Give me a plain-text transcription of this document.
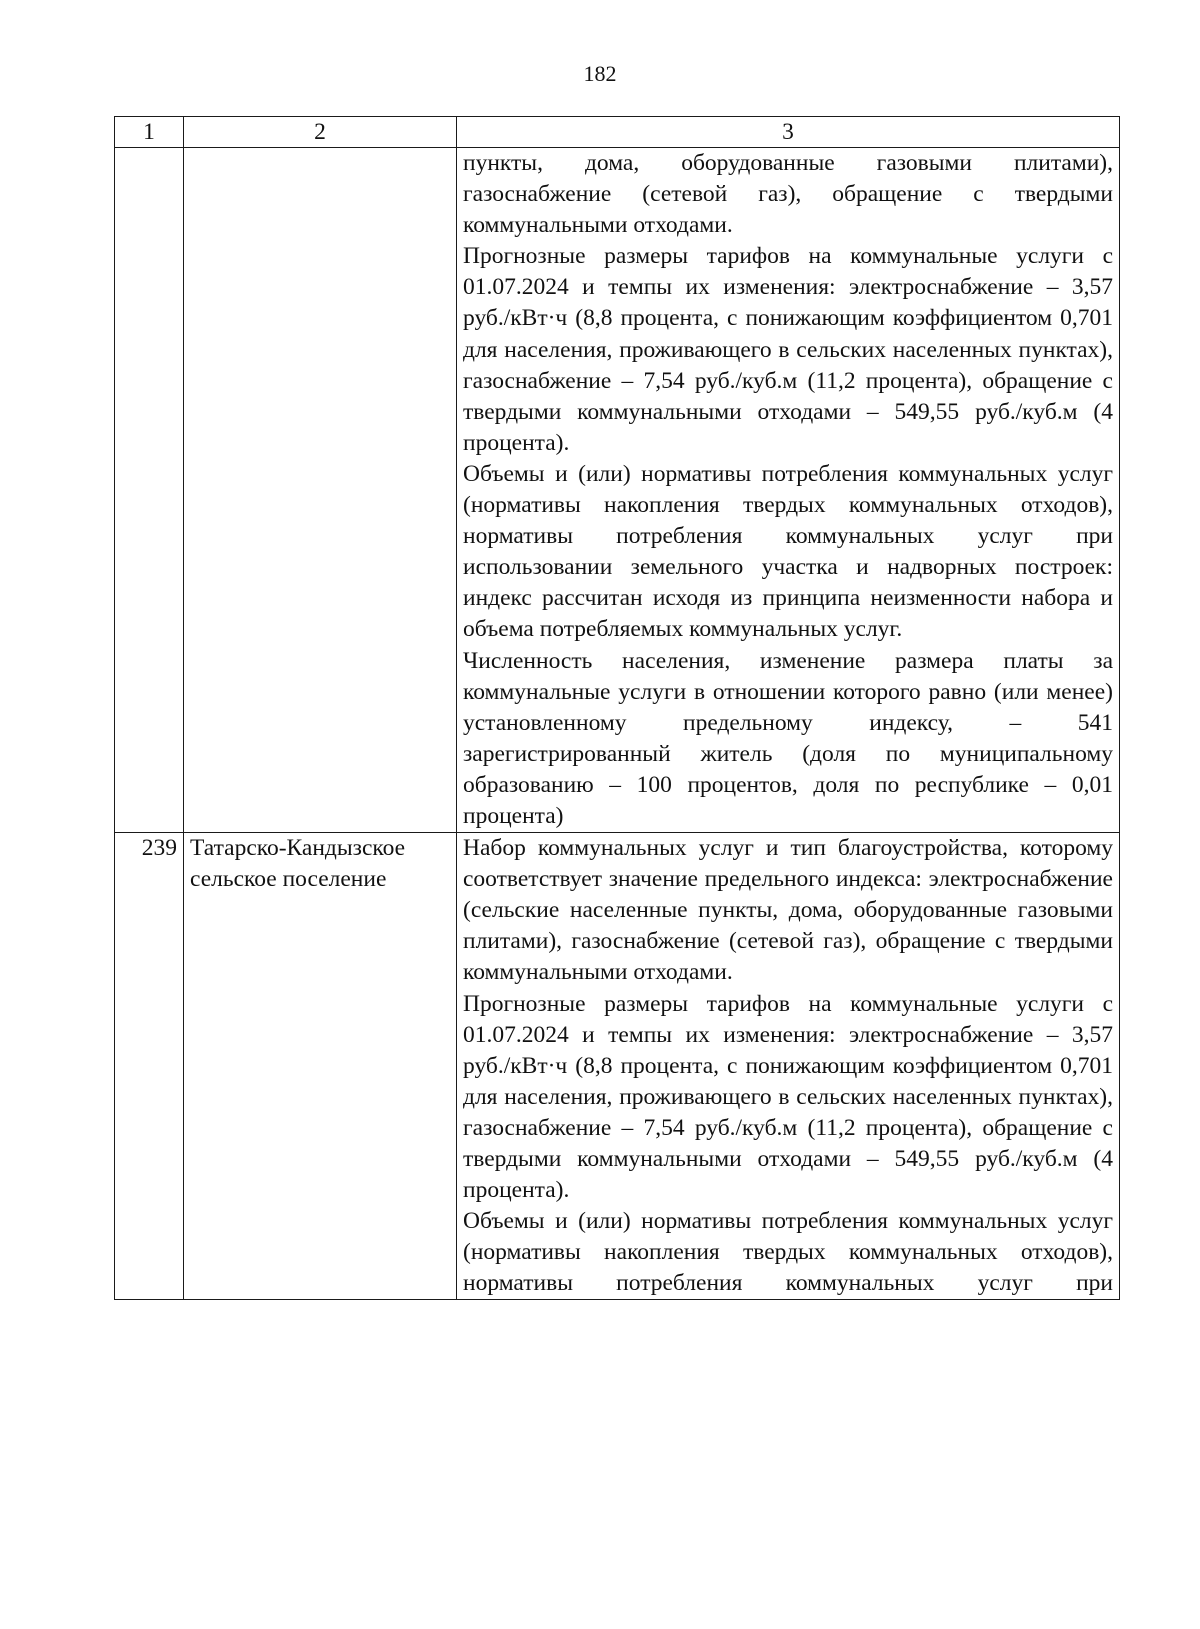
182
1	2	3

		пункты, дома, оборудованные газовыми плитами), газоснабжение (сетевой газ), обращение с твердыми коммунальными отходами.

Прогнозные размеры тарифов на коммунальные услуги с 01.07.2024 и темпы их изменения: электроснабжение – 3,57 руб./кВт·ч (8,8 процента, с понижающим коэффициентом 0,701 для населения, проживающего в сельских населенных пунктах), газоснабжение – 7,54 руб./куб.м (11,2 процента), обращение с твердыми коммунальными отходами – 549,55 руб./куб.м (4 процента).

Объемы и (или) нормативы потребления коммунальных услуг (нормативы накопления твердых коммунальных отходов), нормативы потребления коммунальных услуг при использовании земельного участка и надворных построек: индекс рассчитан исходя из принципа неизменности набора и объема потребляемых коммунальных услуг.

Численность населения, изменение размера платы за коммунальные услуги в отношении которого равно (или менее) установленному предельному индексу, – 541 зарегистрированный житель (доля по муниципальному образованию – 100 процентов, доля по республике – 0,01 процента)

239	Татарско-Кандызское сельское поселение	Набор коммунальных услуг и тип благоустройства, которому соответствует значение предельного индекса: электроснабжение (сельские населенные пункты, дома, оборудованные газовыми плитами), газоснабжение (сетевой газ), обращение с твердыми коммунальными отходами.

Прогнозные размеры тарифов на коммунальные услуги с 01.07.2024 и темпы их изменения: электроснабжение – 3,57 руб./кВт·ч (8,8 процента, с понижающим коэффициентом 0,701 для населения, проживающего в сельских населенных пунктах), газоснабжение – 7,54 руб./куб.м (11,2 процента), обращение с твердыми коммунальными отходами – 549,55 руб./куб.м (4 процента).

Объемы и (или) нормативы потребления коммунальных услуг (нормативы накопления твердых коммунальных отходов), нормативы потребления коммунальных услуг при
